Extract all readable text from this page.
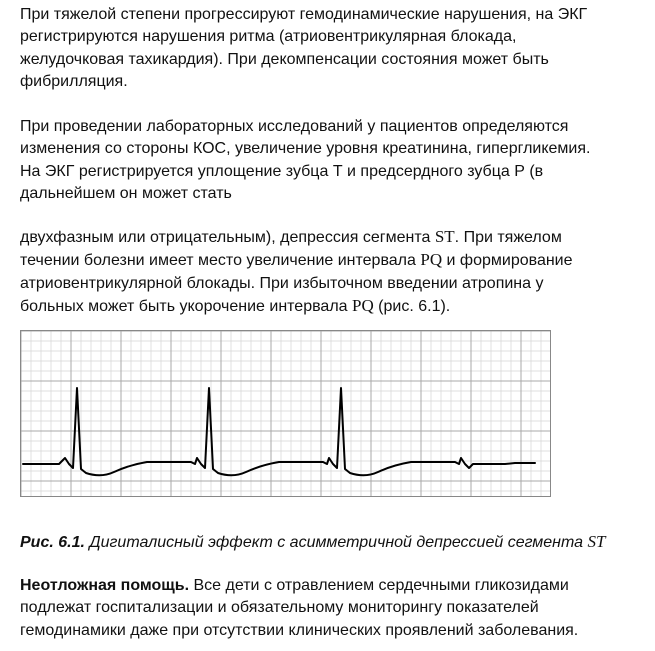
При тяжелой степени прогрессируют гемодинамические нарушения, на ЭКГ
регистрируются нарушения ритма (атриовентрикулярная блокада,
желудочковая тахикардия). При декомпенсации состояния может быть
фибрилляция.
При проведении лабораторных исследований у пациентов определяются
изменения со стороны КОС, увеличение уровня креатинина, гипергликемия.
На ЭКГ регистрируется уплощение зубца Т и предсердного зубца Р (в
дальнейшем он может стать
двухфазным или отрицательным), депрессия сегмента ST. При тяжелом
течении болезни имеет место увеличение интервала PQ и формирование
атриовентрикулярной блокады. При избыточном введении атропина у
больных может быть укорочение интервала PQ (рис. 6.1).
Рис. 6.1. Дигиталисный эффект с асимметричной депрессией сегмента ST
Неотложная помощь. Все дети с отравлением сердечными гликозидами
подлежат госпитализации и обязательному мониторингу показателей
гемодинамики даже при отсутствии клинических проявлений заболевания.
